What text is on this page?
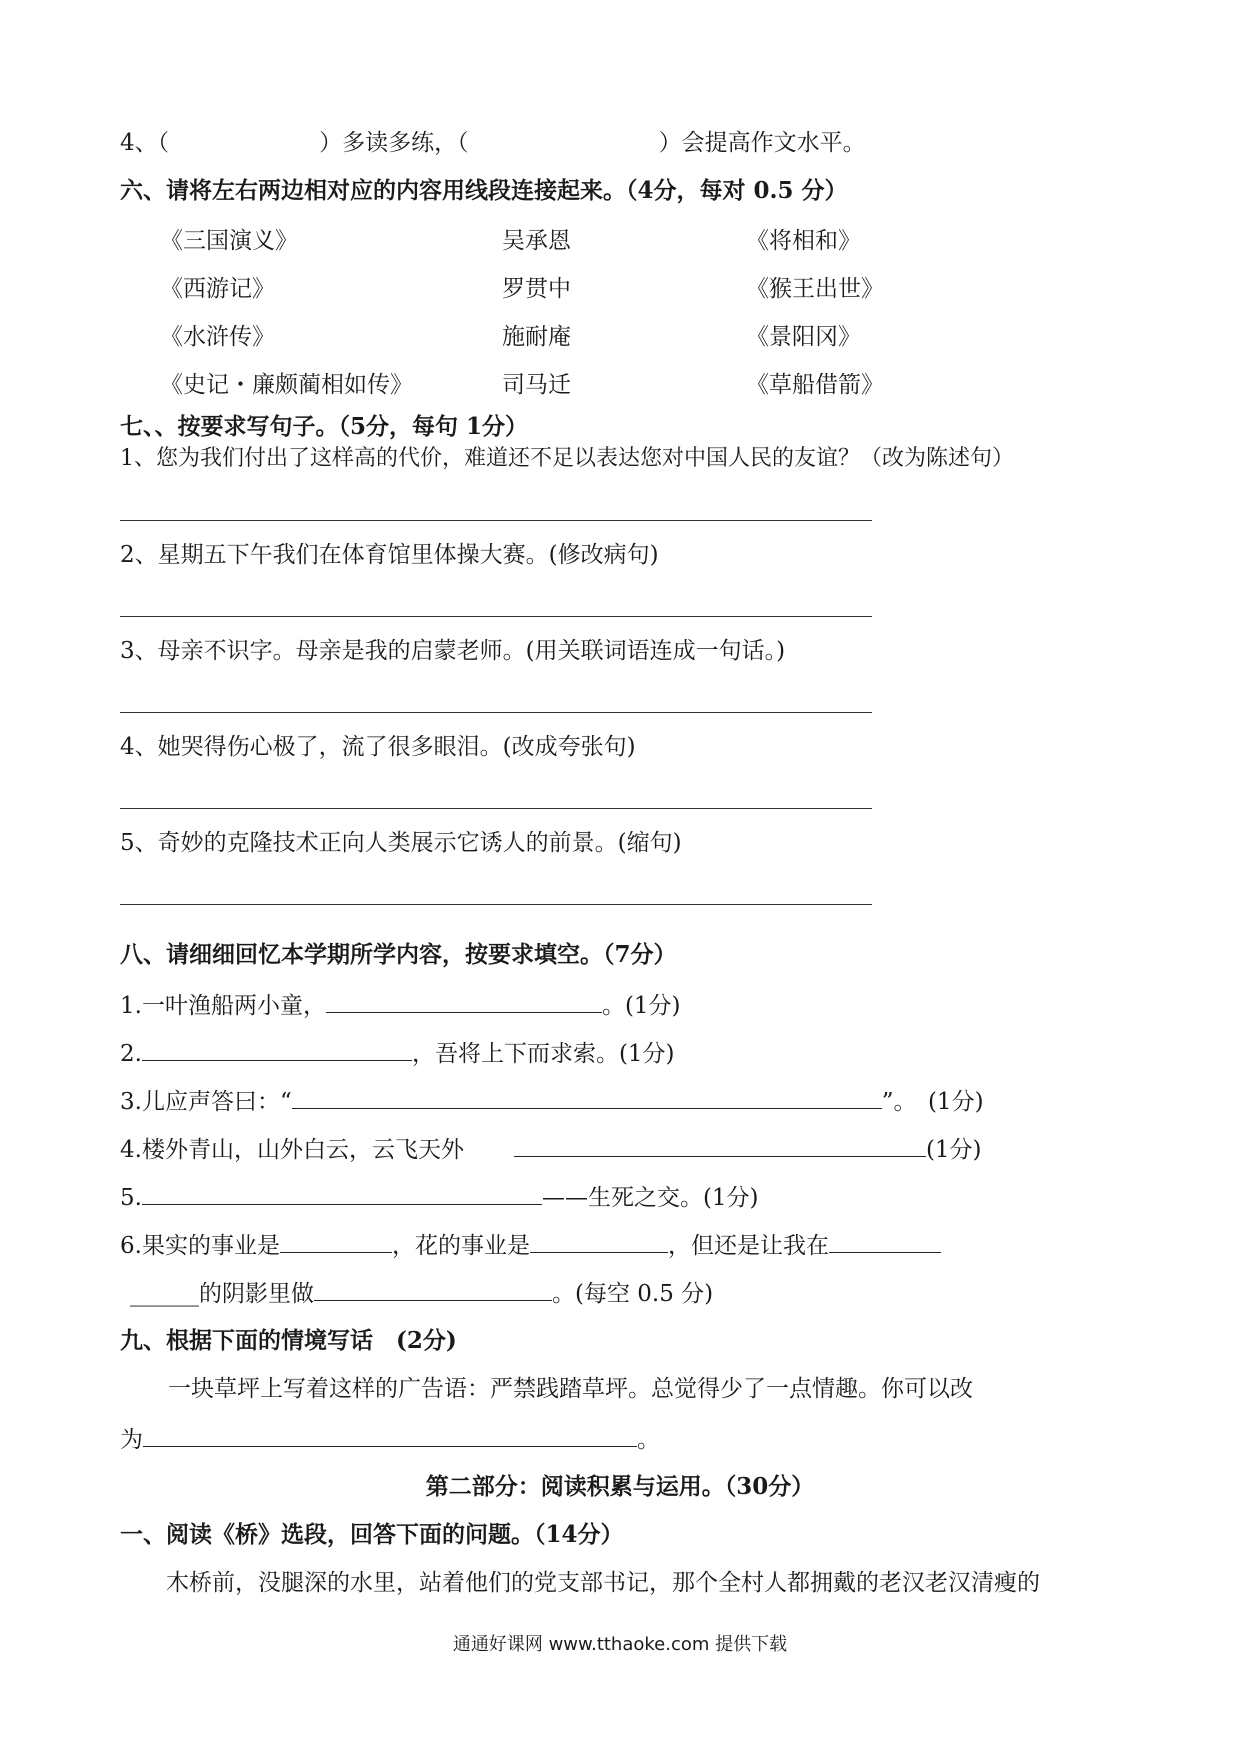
4、（	）多读多练，（	）会提高作文水平。
六、请将左右两边相对应的内容用线段连接起来。（4分，每对 0.5 分）
《三国演义》	吴承恩	《将相和》
《西游记》	罗贯中	《猴王出世》
《水浒传》	施耐庵	《景阳冈》
《史记・廉颇蔺相如传》	司马迁	《草船借箭》
七、、按要求写句子。（5分，每句 1分）
1、您为我们付出了这样高的代价，难道还不足以表达您对中国人民的友谊？（改为陈述句）
2、星期五下午我们在体育馆里体操大赛。(修改病句)
3、母亲不识字。母亲是我的启蒙老师。(用关联词语连成一句话。)
4、她哭得伤心极了，流了很多眼泪。(改成夸张句)
5、奇妙的克隆技术正向人类展示它诱人的前景。(缩句)
八、请细细回忆本学期所学内容，按要求填空。（7分）
1.一叶渔船两小童，	。(1分)
2.	，吾将上下而求索。(1分)
3.儿应声答曰：“	”。　(1分)
4.楼外青山，山外白云，云飞天外	(1分)
5.	——生死之交。(1分)
6.果实的事业是	，花的事业是	，但还是让我在
______的阴影里做	。(每空 0.5 分)
九、根据下面的情境写话　(2分)
一块草坪上写着这样的广告语：严禁践踏草坪。总觉得少了一点情趣。你可以改
为	。
第二部分：阅读积累与运用。（30分）
一、阅读《桥》选段，回答下面的问题。（14分）
木桥前，没腿深的水里，站着他们的党支部书记，那个全村人都拥戴的老汉老汉清瘦的
通通好课网 www.tthaoke.com 提供下载
